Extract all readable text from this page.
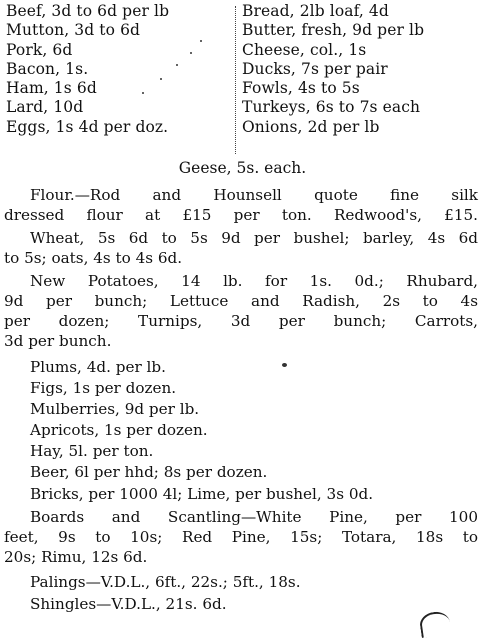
Beef, 3d to 6d per lb
Mutton, 3d to 6d
Pork, 6d
Bacon, 1s.
Ham, 1s 6d
Lard, 10d
Eggs, 1s 4d per doz.
Bread, 2lb loaf, 4d
Butter, fresh, 9d per lb
Cheese, col., 1s
Ducks, 7s per pair
Fowls, 4s to 5s
Turkeys, 6s to 7s each
Onions, 2d per lb
Geese, 5s. each.
Flour.—Rod and Hounsell quote fine silk
dressed flour at £15 per ton. Redwood's, £15.
Wheat, 5s 6d to 5s 9d per bushel; barley, 4s 6d
to 5s; oats, 4s to 4s 6d.
New Potatoes, 14 lb. for 1s. 0d.; Rhubard,
9d per bunch; Lettuce and Radish, 2s to 4s
per dozen; Turnips, 3d per bunch; Carrots,
3d per bunch.
Plums, 4d. per lb.
Figs, 1s per dozen.
Mulberries, 9d per lb.
Apricots, 1s per dozen.
Hay, 5l. per ton.
Beer, 6l per hhd; 8s per dozen.
Bricks, per 1000 4l; Lime, per bushel, 3s 0d.
Boards and Scantling—White Pine, per 100
feet, 9s to 10s; Red Pine, 15s; Totara, 18s to
20s; Rimu, 12s 6d.
Palings—V.D.L., 6ft., 22s.; 5ft., 18s.
Shingles—V.D.L., 21s. 6d.
